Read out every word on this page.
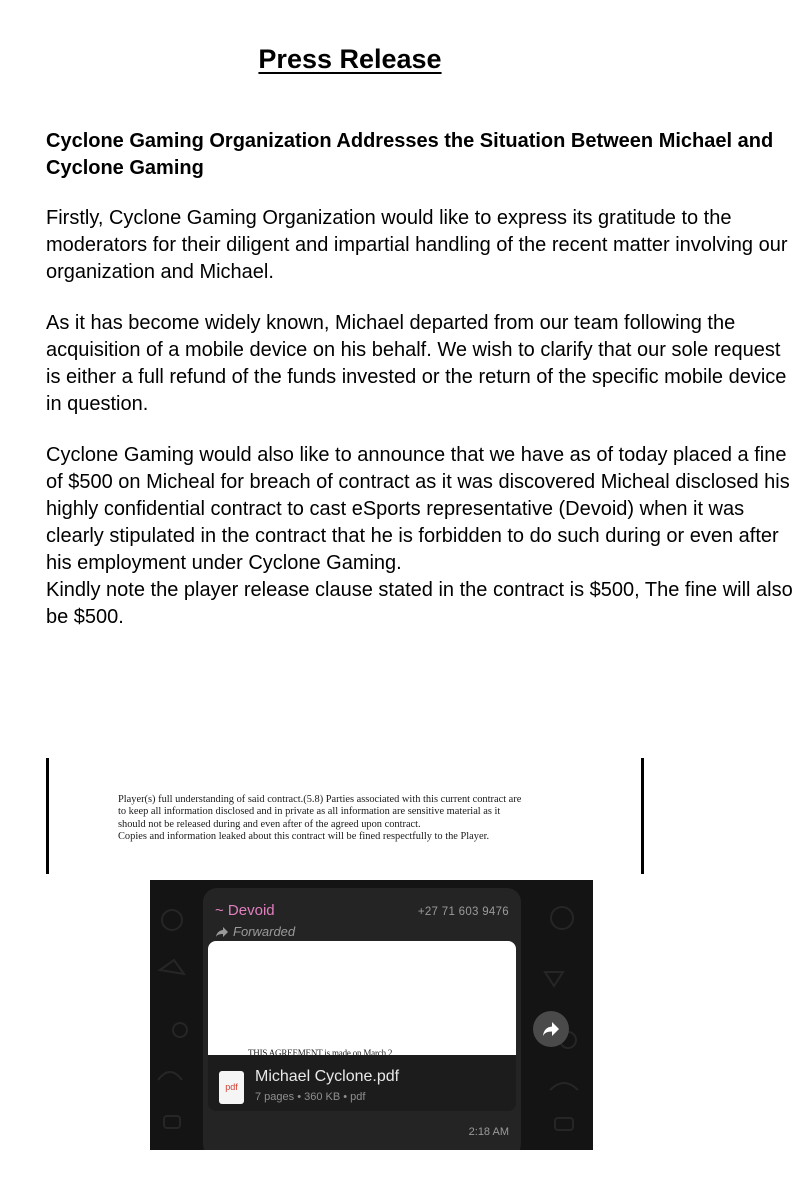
Press Release

Cyclone Gaming Organization Addresses the Situation Between Michael and Cyclone Gaming

Firstly, Cyclone Gaming Organization would like to express its gratitude to the moderators for their diligent and impartial handling of the recent matter involving our organization and Michael.

As it has become widely known, Michael departed from our team following the acquisition of a mobile device on his behalf. We wish to clarify that our sole request is either a full refund of the funds invested or the return of the specific mobile device in question.

Cyclone Gaming would also like to announce that we have as of today placed a fine of $500 on Micheal for breach of contract as it was discovered Micheal disclosed his highly confidential contract to cast eSports representative (Devoid) when it was clearly stipulated in the contract that he is forbidden to do such during or even after his employment under Cyclone Gaming.

Kindly note the player release clause stated in the contract is $500, The fine will also be $500.

Player(s) full understanding of said contract.(5.8) Parties associated with this current contract are
to keep all information disclosed and in private as all information are sensitive material as it
should not be released during and even after of the agreed upon contract.
Copies and information leaked about this contract will be fined respectfully to the Player.
~ Devoid	+27 71 603 9476
Forwarded
THIS AGREEMENT is made on March 2
pdf
Michael Cyclone.pdf
7 pages • 360 KB • pdf
2:18 AM
